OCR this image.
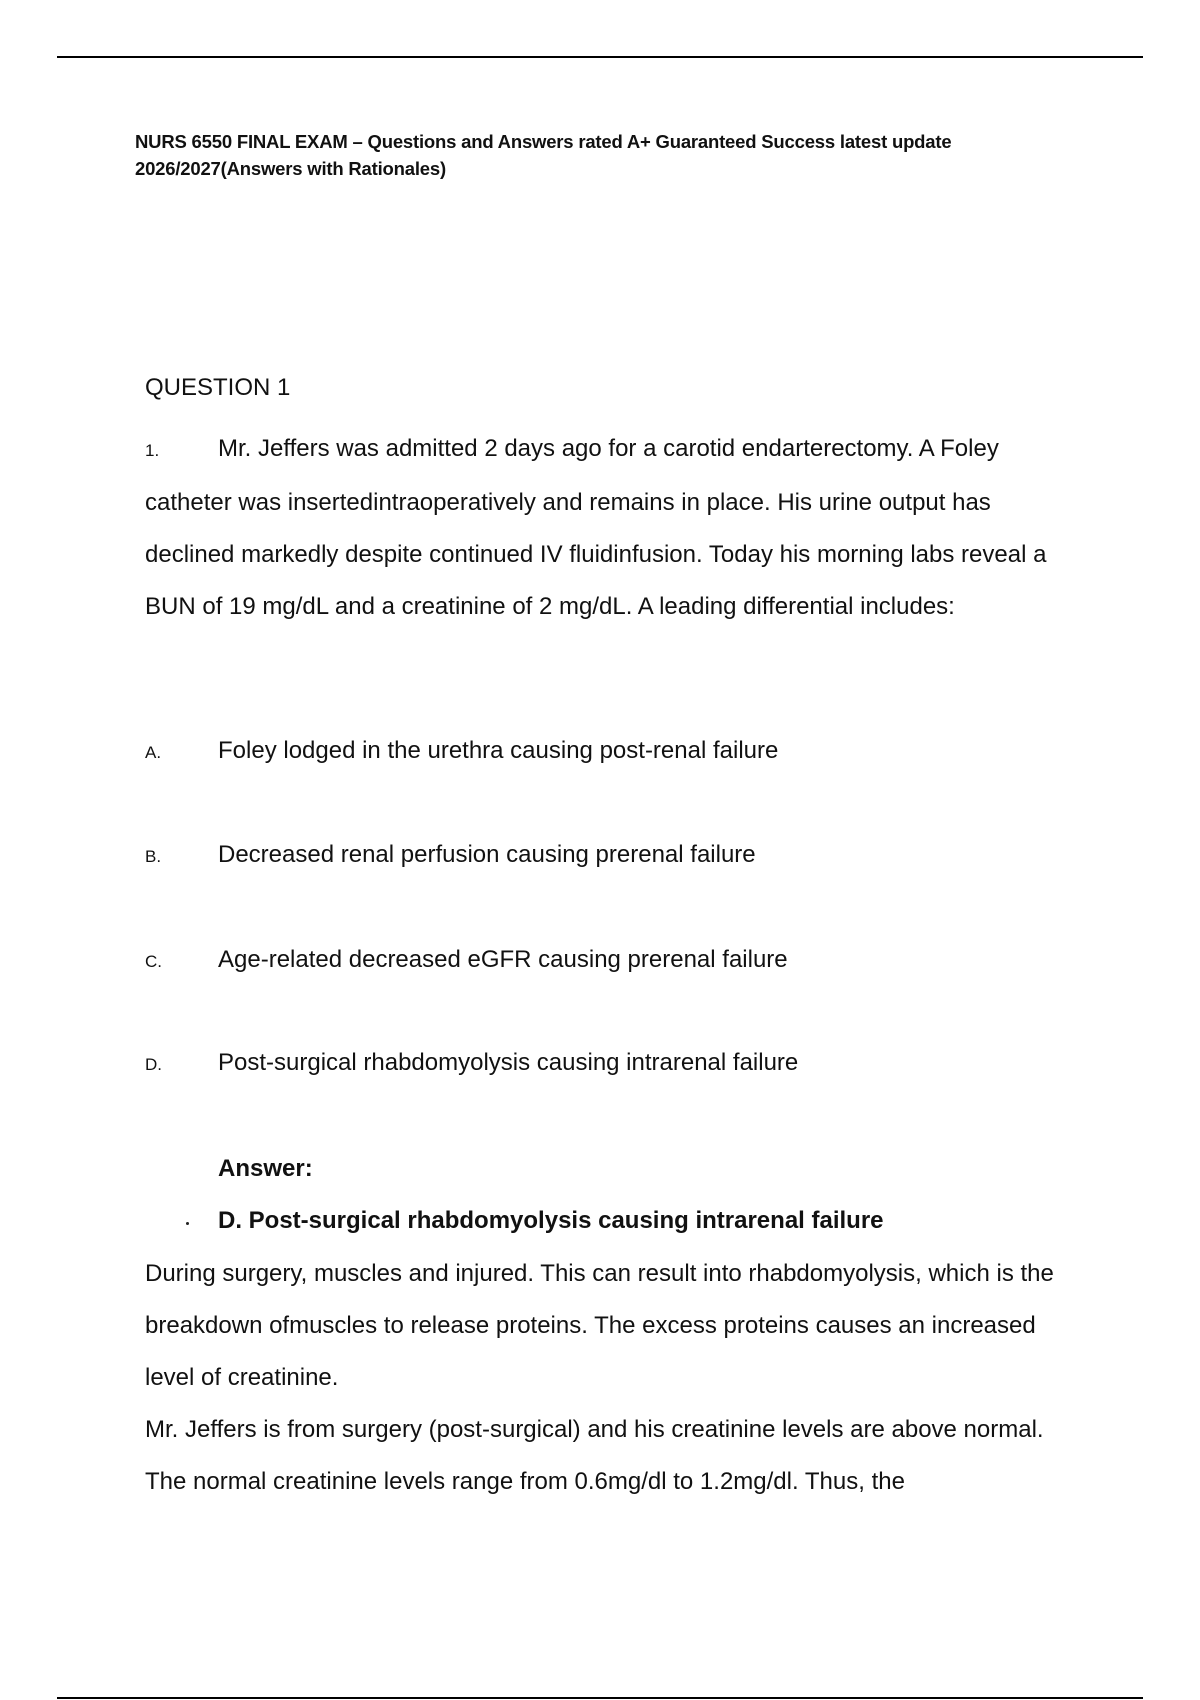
NURS 6550 FINAL EXAM – Questions and Answers rated A+ Guaranteed Success latest update 2026/2027(Answers with Rationales)
QUESTION 1
1. Mr. Jeffers was admitted 2 days ago for a carotid endarterectomy. A Foley catheter was insertedintraoperatively and remains in place. His urine output has declined markedly despite continued IV fluidinfusion. Today his morning labs reveal a BUN of 19 mg/dL and a creatinine of 2 mg/dL. A leading differential includes:
A. Foley lodged in the urethra causing post-renal failure
B. Decreased renal perfusion causing prerenal failure
C. Age-related decreased eGFR causing prerenal failure
D. Post-surgical rhabdomyolysis causing intrarenal failure
Answer:
D. Post-surgical rhabdomyolysis causing intrarenal failure

During surgery, muscles and injured. This can result into rhabdomyolysis, which is the breakdown ofmuscles to release proteins. The excess proteins causes an increased level of creatinine.

Mr. Jeffers is from surgery (post-surgical) and his creatinine levels are above normal. The normal creatinine levels range from 0.6mg/dl to 1.2mg/dl. Thus, the
